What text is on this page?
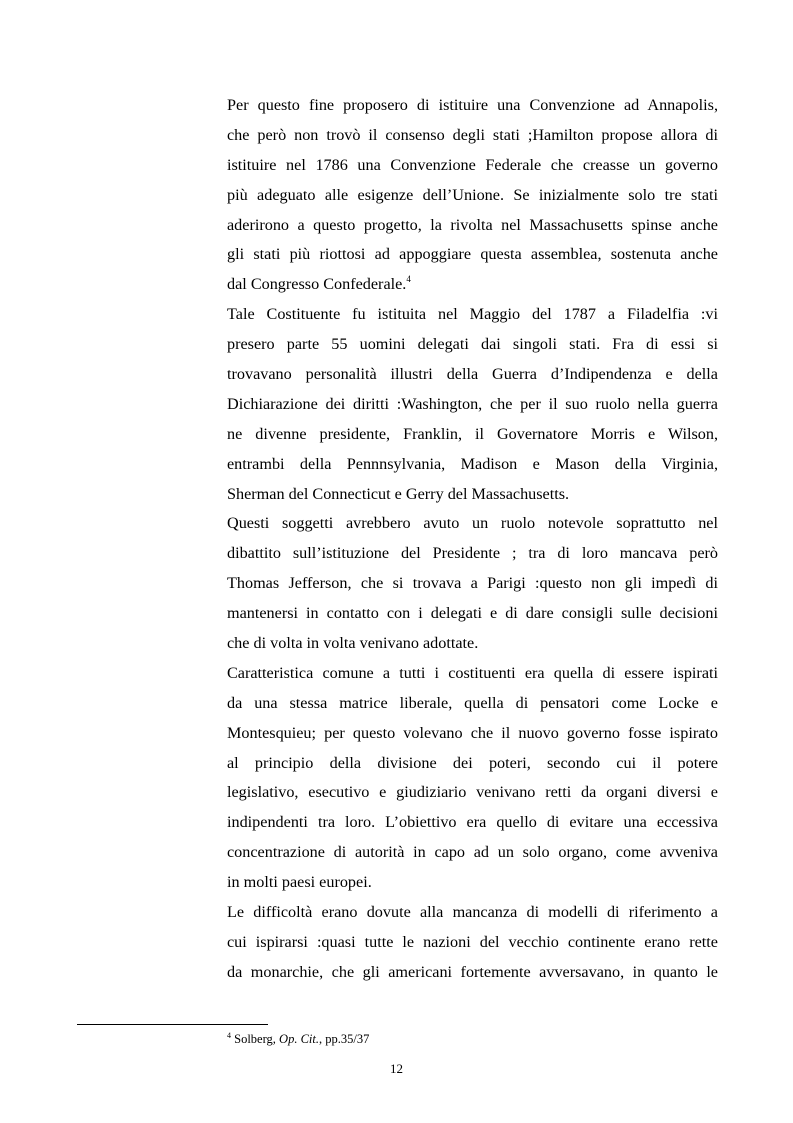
Per questo fine proposero di istituire una Convenzione ad Annapolis,
che però non trovò il consenso degli stati ;Hamilton propose allora di
istituire nel 1786 una Convenzione Federale che creasse un governo
più adeguato alle esigenze dell’Unione. Se inizialmente solo tre stati
aderirono a questo progetto, la rivolta nel Massachusetts spinse anche
gli stati più riottosi ad appoggiare questa assemblea, sostenuta anche
dal Congresso Confederale.$^4$
Tale Costituente fu istituita nel Maggio del 1787 a Filadelfia :vi
presero parte 55 uomini delegati dai singoli stati. Fra di essi si
trovavano personalità illustri della Guerra d’Indipendenza e della
Dichiarazione dei diritti :Washington, che per il suo ruolo nella guerra
ne divenne presidente, Franklin, il Governatore Morris e Wilson,
entrambi della Pennnsylvania, Madison e Mason della Virginia,
Sherman del Connecticut e Gerry del Massachusetts.
Questi soggetti avrebbero avuto un ruolo notevole soprattutto nel
dibattito sull’istituzione del Presidente ; tra di loro mancava però
Thomas Jefferson, che si trovava a Parigi :questo non gli impedì di
mantenersi in contatto con i delegati e di dare consigli sulle decisioni
che di volta in volta venivano adottate.
Caratteristica comune a tutti i costituenti era quella di essere ispirati
da una stessa matrice liberale, quella di pensatori come Locke e
Montesquieu; per questo volevano che il nuovo governo fosse ispirato
al principio della divisione dei poteri, secondo cui il potere
legislativo, esecutivo e giudiziario venivano retti da organi diversi e
indipendenti tra loro. L’obiettivo era quello di evitare una eccessiva
concentrazione di autorità in capo ad un solo organo, come avveniva
in molti paesi europei.
Le difficoltà erano dovute alla mancanza di modelli di riferimento a
cui ispirarsi :quasi tutte le nazioni del vecchio continente erano rette
da monarchie, che gli americani fortemente avversavano, in quanto le
$^4$ Solberg, Op. Cit., pp.35/37
12
